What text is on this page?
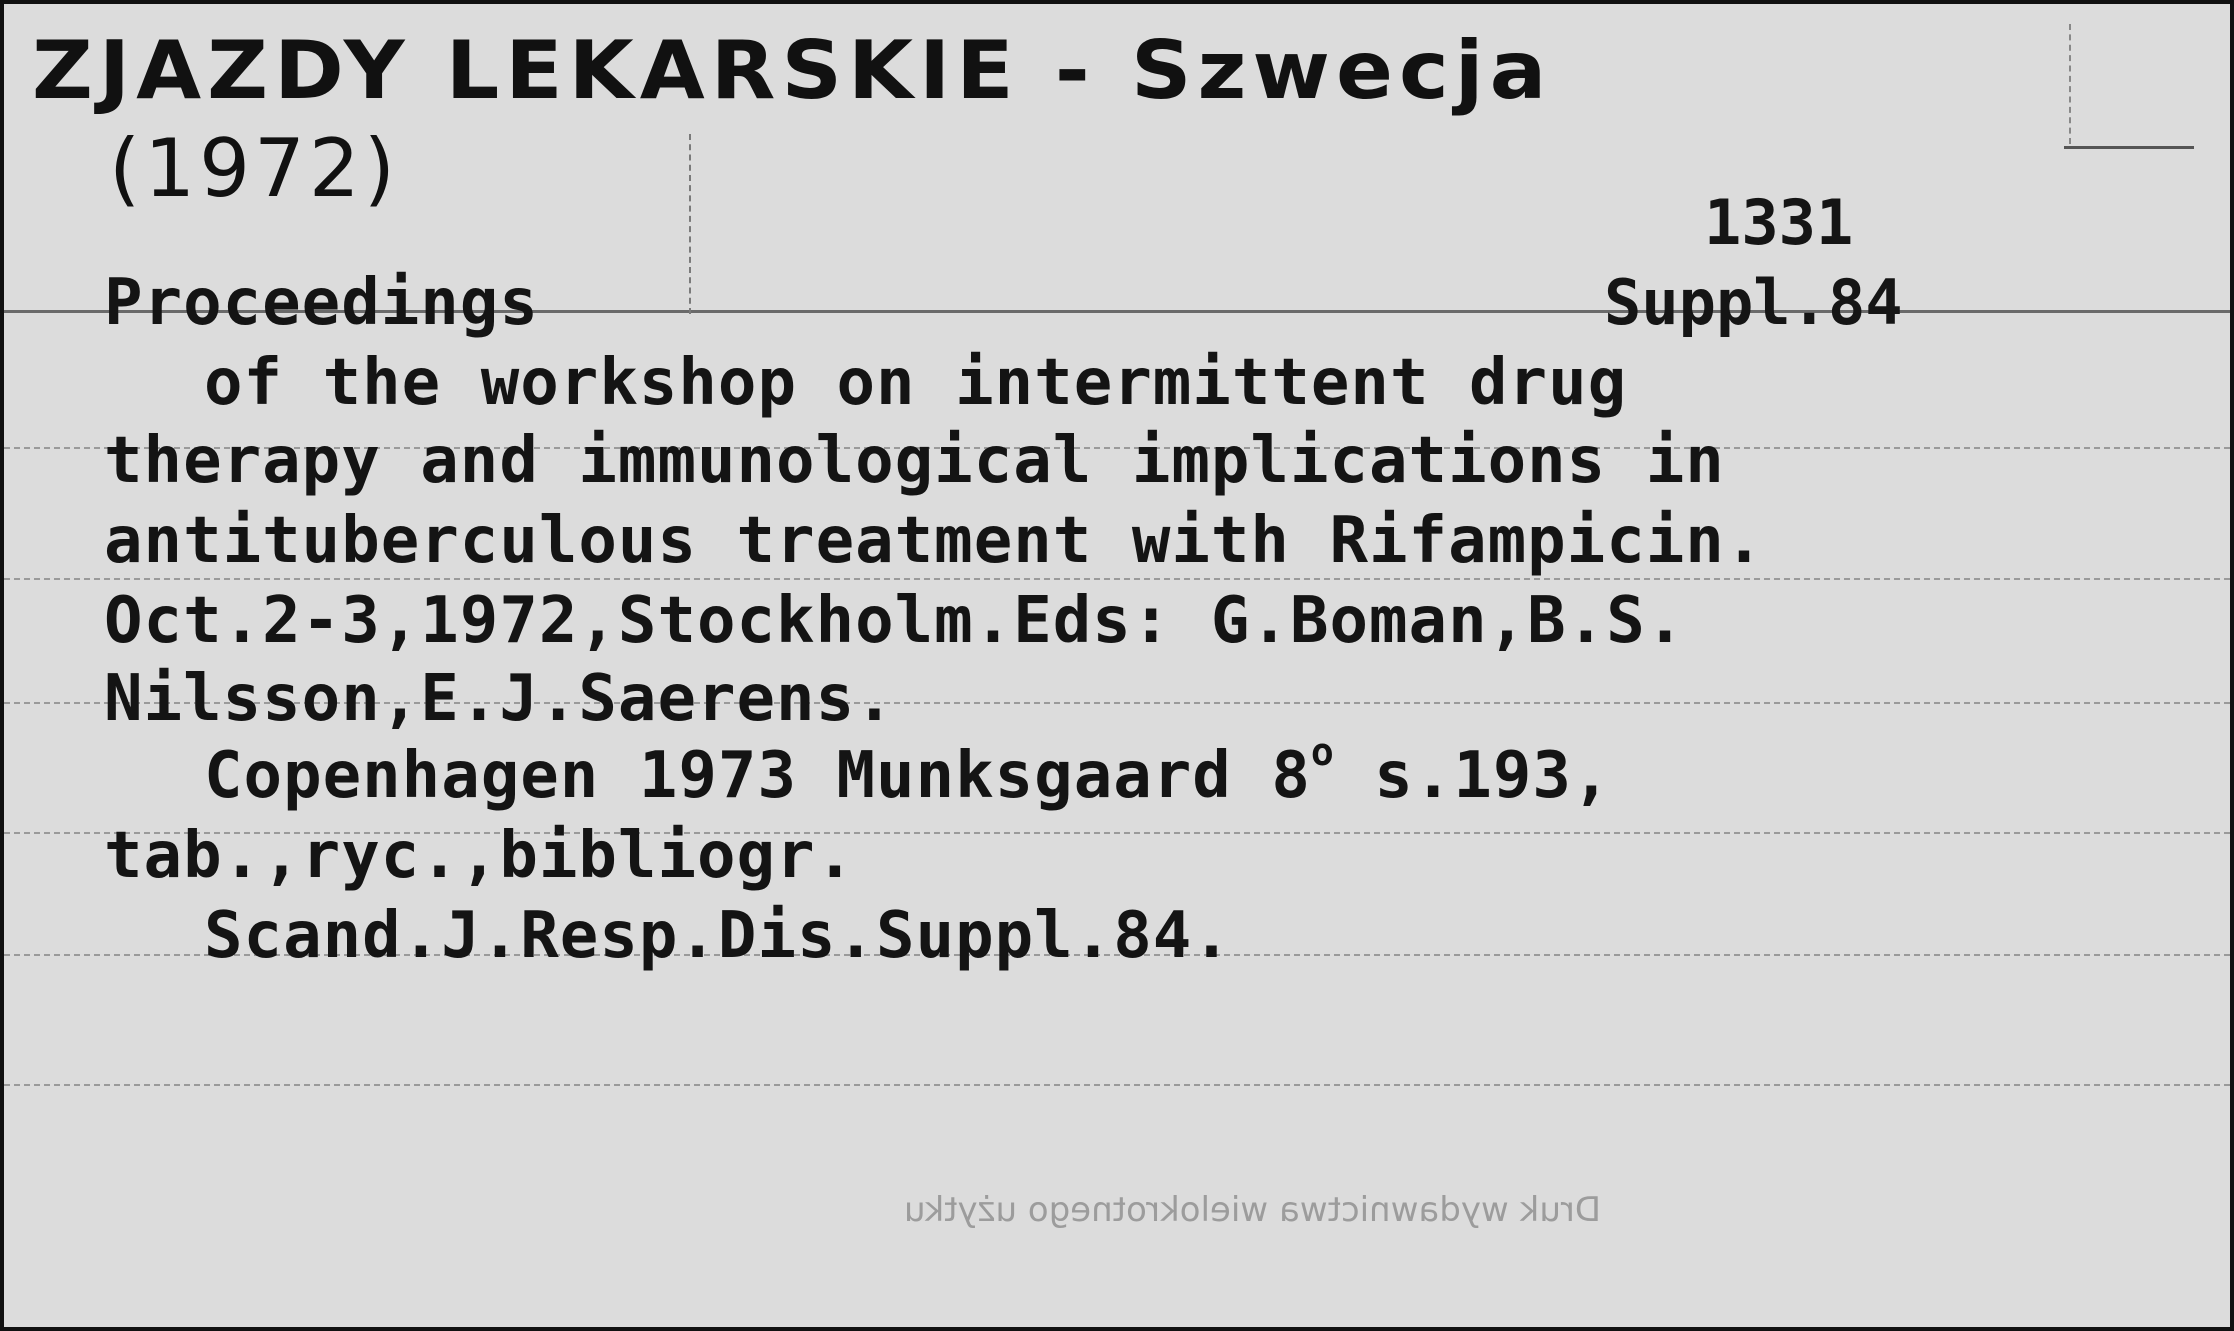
ZJAZDY LEKARSKIE - Szwecja
(1972)
1331
Suppl.84
Proceedings
of the workshop on intermittent drug
therapy and immunological implications in
antituberculous treatment with Rifampicin.
Oct.2-3,1972,Stockholm.Eds: G.Boman,B.S.
Nilsson,E.J.Saerens.
Copenhagen 1973 Munksgaard 8$^o$ s.193,
tab.,ryc.,bibliogr.
Scand.J.Resp.Dis.Suppl.84.
Druk wydawnictwa wielokrotnego użytku
